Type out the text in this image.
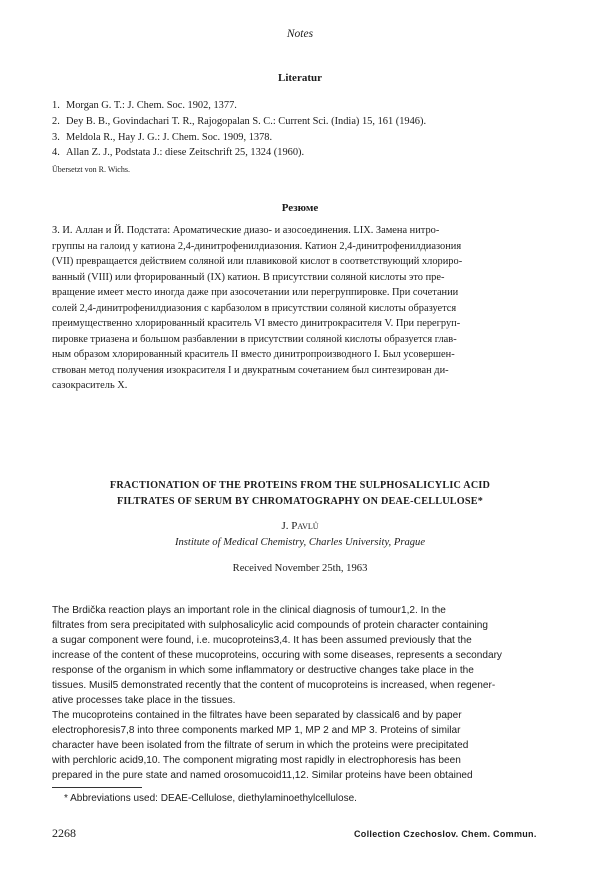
Notes
Literatur
1. Morgan G. T.: J. Chem. Soc. 1902, 1377.
2. Dey B. B., Govindachari T. R., Rajogopalan S. C.: Current Sci. (India) 15, 161 (1946).
3. Meldola R., Hay J. G.: J. Chem. Soc. 1909, 1378.
4. Allan Z. J., Podstata J.: diese Zeitschrift 25, 1324 (1960).
Übersetzt von R. Wichs.
Резюме
З. И. Аллан и Й. Подстата: Ароматические диазо- и азосоединения. LIX. Замена нитро-
группы на галоид у катиона 2,4-динитрофенилдиазония. Катион 2,4-динитрофенилдиазония
(VII) превращается действием соляной или плавиковой кислот в соответствующий хлориро-
ванный (VIII) или фторированный (IX) катион. В присутствии соляной кислоты это пре-
вращение имеет место иногда даже при азосочетании или перегруппировке. При сочетании
солей 2,4-динитрофенилдиазония с карбазолом в присутствии соляной кислоты образуется
преимущественно хлорированный краситель VI вместо динитрокрасителя V. При перегруп-
пировке триазена и большом разбавлении в присутствии соляной кислоты образуется глав-
ным образом хлорированный краситель II вместо динитропроизводного I. Был усовершен-
ствован метод получения изокрасителя I и двукратным сочетанием был синтезирован ди-
сазокраситель X.
FRACTIONATION OF THE PROTEINS FROM THE SULPHOSALICYLIC ACID
FILTRATES OF SERUM BY CHROMATOGRAPHY ON DEAE-CELLULOSE*
J. Pavlů
Institute of Medical Chemistry, Charles University, Prague
Received November 25th, 1963
The Brdička reaction plays an important role in the clinical diagnosis of tumour1,2. In the
filtrates from sera precipitated with sulphosalicylic acid compounds of protein character containing
a sugar component were found, i.e. mucoproteins3,4. It has been assumed previously that the
increase of the content of these mucoproteins, occuring with some diseases, represents a secondary
response of the organism in which some inflammatory or destructive changes take place in the
tissues. Musil5 demonstrated recently that the content of mucoproteins is increased, when regener-
ative processes take place in the tissues.
The mucoproteins contained in the filtrates have been separated by classical6 and by paper
electrophoresis7,8 into three components marked MP 1, MP 2 and MP 3. Proteins of similar
character have been isolated from the filtrate of serum in which the proteins were precipitated
with perchloric acid9,10. The component migrating most rapidly in electrophoresis has been
prepared in the pure state and named orosomucoid11,12. Similar proteins have been obtained
* Abbreviations used: DEAE-Cellulose, diethylaminoethylcellulose.
2268	Collection Czechoslov. Chem. Commun.
